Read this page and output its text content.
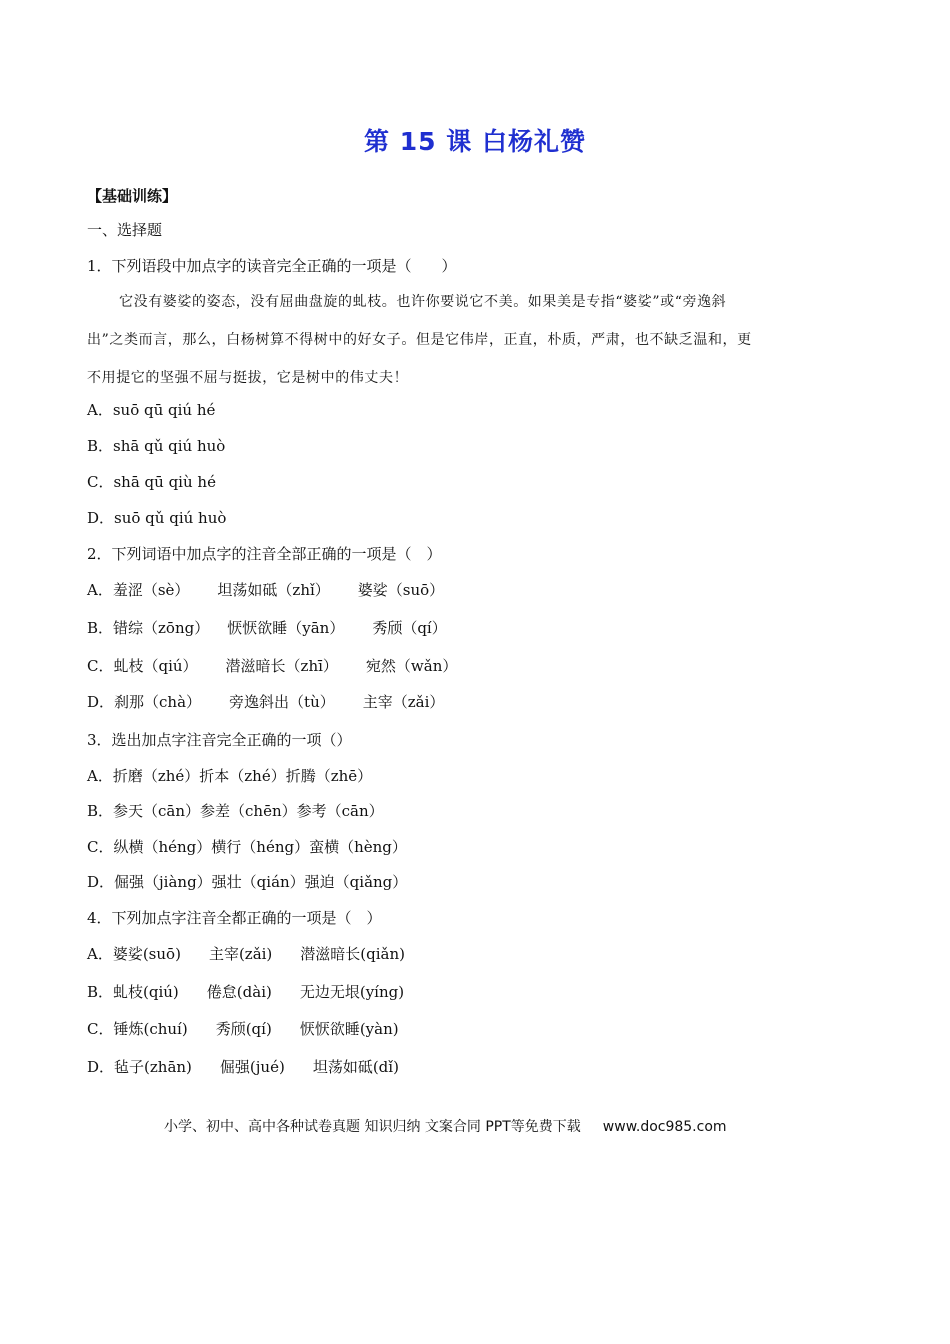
第 15 课 白杨礼赞
【基础训练】
一、选择题
1．下列语段中加点字的读音完全正确的一项是（　　）
它没有婆娑的姿态，没有屈曲盘旋的虬枝。也许你要说它不美。如果美是专指“婆娑”或“旁逸斜
出”之类而言，那么，白杨树算不得树中的好女子。但是它伟岸，正直，朴质，严肃，也不缺乏温和，更
不用提它的坚强不屈与挺拔，它是树中的伟丈夫！
A．suō qū qiú hé
B．shā qǔ qiú huò
C．shā qū qiù hé
D．suō qǔ qiú huò
2．下列词语中加点字的注音全部正确的一项是（　）
A．羞涩（sè） 坦荡如砥（zhǐ） 婆娑（suō）
B．错综（zōng） 恹恹欲睡（yān） 秀颀（qí）
C．虬枝（qiú） 潜滋暗长（zhī） 宛然（wǎn）
D．刹那（chà） 旁逸斜出（tù） 主宰（zǎi）
3．选出加点字注音完全正确的一项（）
A．折磨（zhé）折本（zhé）折腾（zhē）
B．参天（cān）参差（chēn）参考（cān）
C．纵横（héng）横行（héng）蛮横（hèng）
D．倔强（jiàng）强壮（qián）强迫（qiǎng）
4．下列加点字注音全都正确的一项是（　）
A．婆娑(suō) 主宰(zǎi) 潜滋暗长(qiǎn)
B．虬枝(qiú) 倦怠(dài) 无边无垠(yíng)
C．锤炼(chuí) 秀颀(qí) 恹恹欲睡(yàn)
D．毡子(zhān) 倔强(jué) 坦荡如砥(dǐ)
小学、初中、高中各种试卷真题 知识归纳 文案合同 PPT等免费下载 www.doc985.com
